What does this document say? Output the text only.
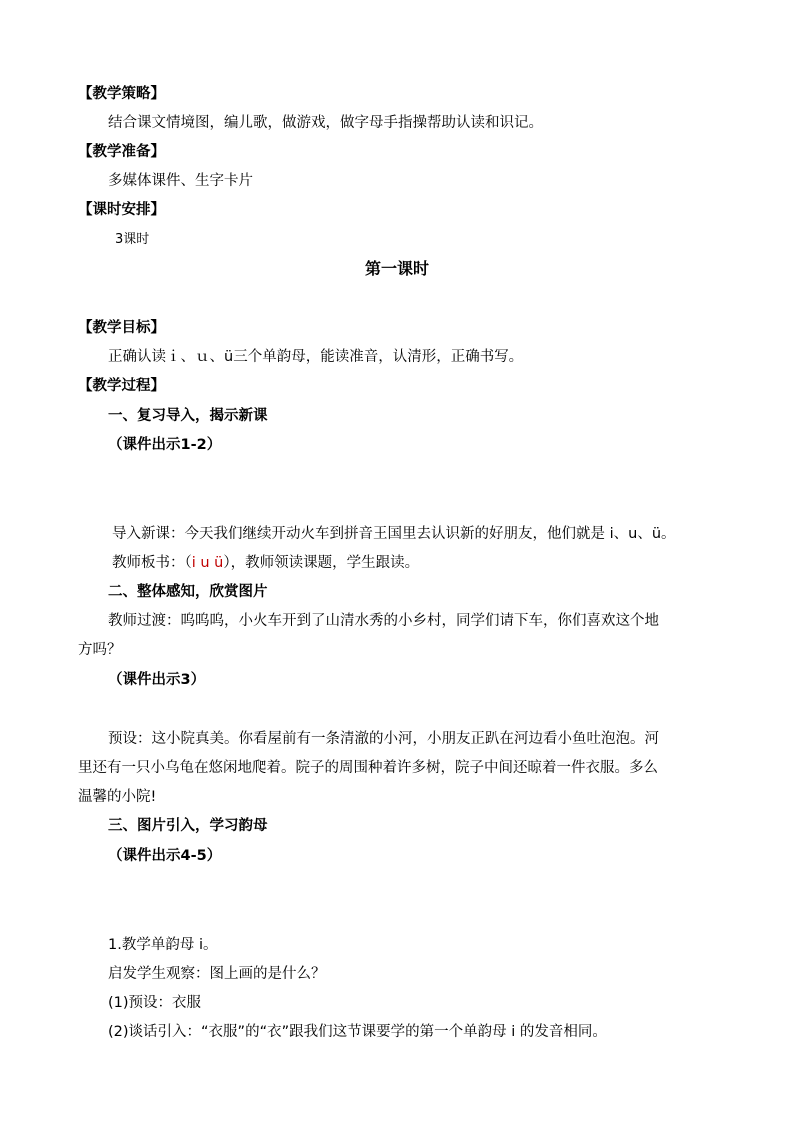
【教学策略】
结合课文情境图，编儿歌，做游戏，做字母手指操帮助认读和识记。
【教学准备】
多媒体课件、生字卡片
【课时安排】
3课时
第一课时
【教学目标】
正确认读ｉ、ｕ、ü三个单韵母，能读准音，认清形，正确书写。
【教学过程】
一、复习导入，揭示新课
（课件出示1-2）
导入新课：今天我们继续开动火车到拼音王国里去认识新的好朋友，他们就是 i、u、ü。
教师板书：（i u ü），教师领读课题，学生跟读。
二、整体感知，欣赏图片
教师过渡：呜呜呜，小火车开到了山清水秀的小乡村，同学们请下车，你们喜欢这个地
方吗？
（课件出示3）
预设：这小院真美。你看屋前有一条清澈的小河，小朋友正趴在河边看小鱼吐泡泡。河
里还有一只小乌龟在悠闲地爬着。院子的周围种着许多树，院子中间还晾着一件衣服。多么
温馨的小院!
三、图片引入，学习韵母
（课件出示4-5）
1.教学单韵母 i。
启发学生观察：图上画的是什么？
(1)预设：衣服
(2)谈话引入：“衣服”的“衣”跟我们这节课要学的第一个单韵母 i 的发音相同。
